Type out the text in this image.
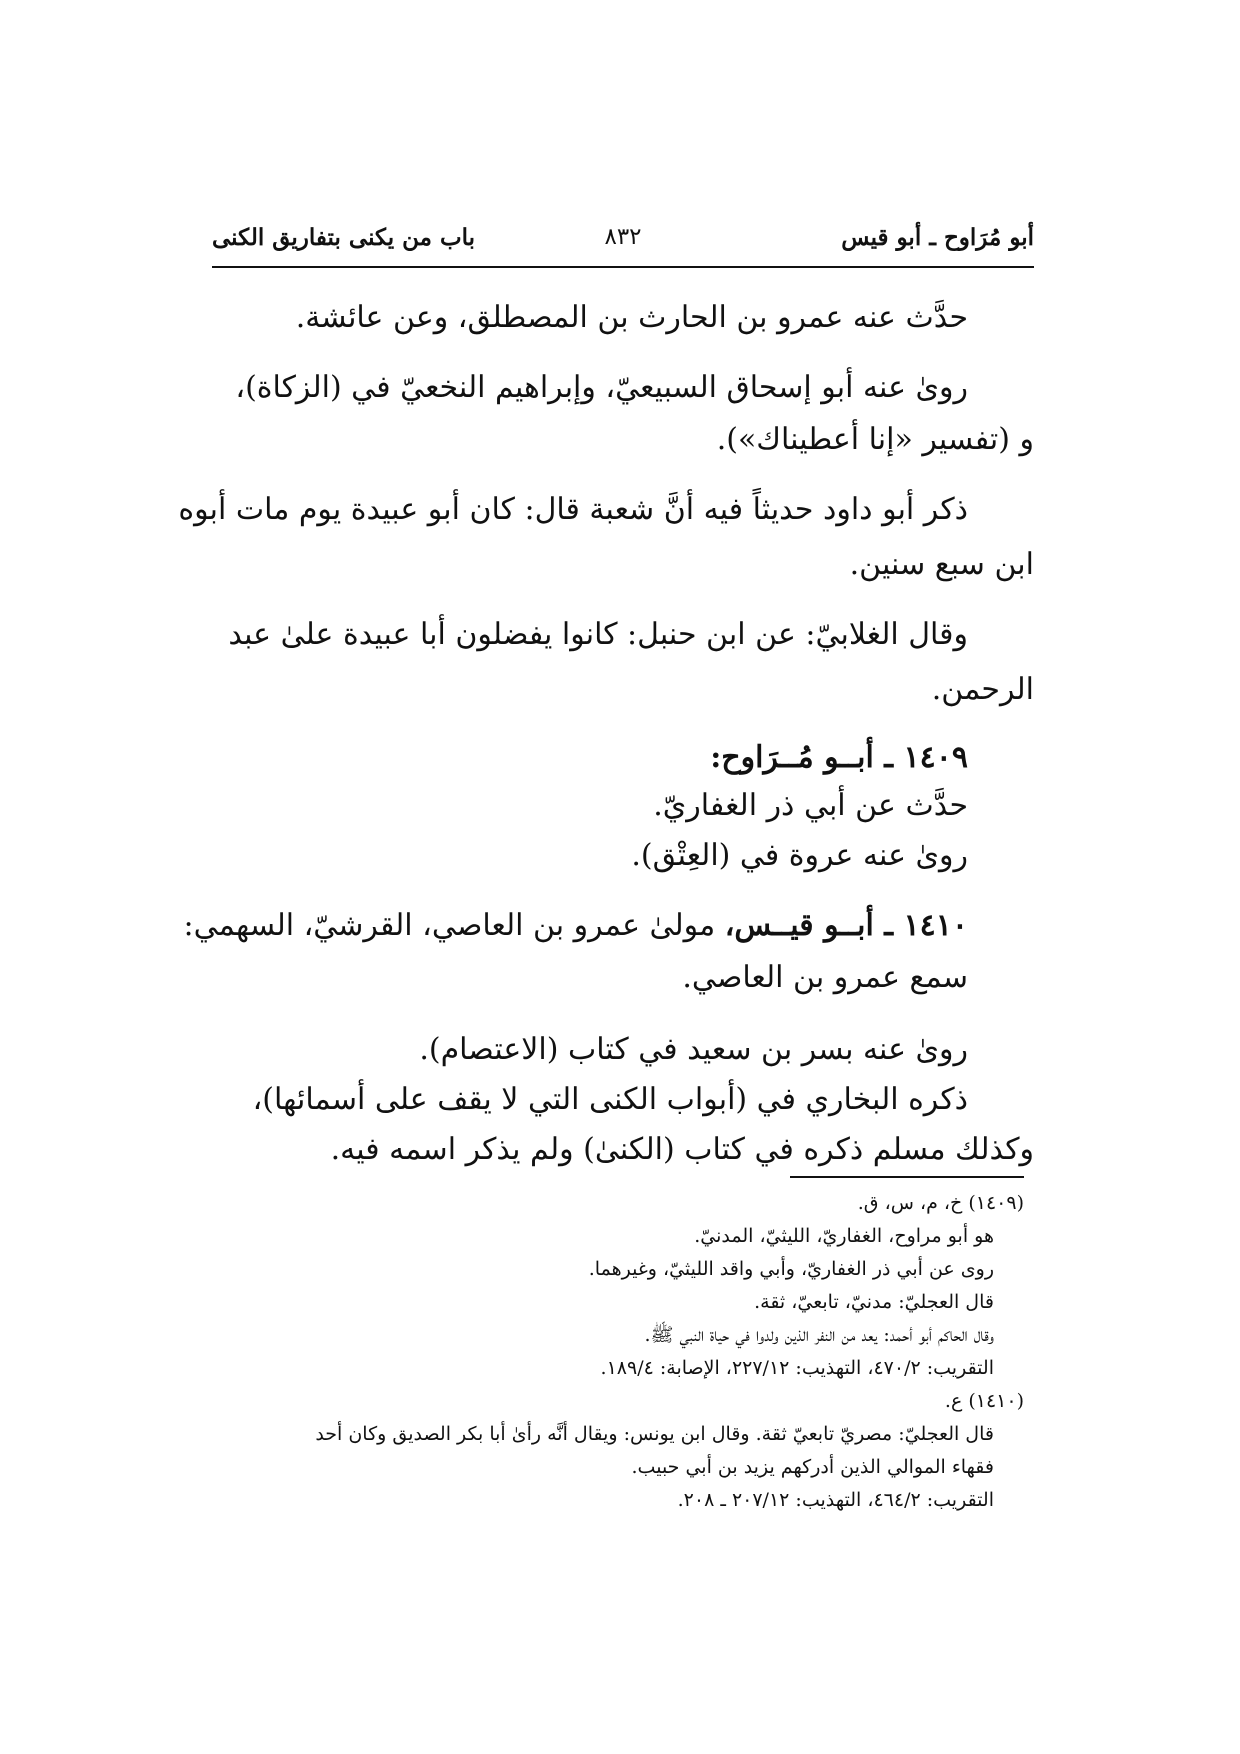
أبو مُرَاوح ـ أبو قيس
٨٣٢
باب من يكنى بتفاريق الكنى
حدَّث عنه عمرو بن الحارث بن المصطلق، وعن عائشة.
روىٰ عنه أبو إسحاق السبيعيّ، وإبراهيم النخعيّ في (الزكاة)،
و (تفسير «إنا أعطيناك»).
ذكر أبو داود حديثاً فيه أنَّ شعبة قال: كان أبو عبيدة يوم مات أبوه
ابن سبع سنين.
وقال الغلابيّ: عن ابن حنبل: كانوا يفضلون أبا عبيدة علىٰ عبد
الرحمن.
١٤٠٩ ـ أبــو مُــرَاوح:
حدَّث عن أبي ذر الغفاريّ.
روىٰ عنه عروة في (العِتْق).
١٤١٠ ـ أبــو قيــس، مولىٰ عمرو بن العاصي، القرشيّ، السهمي:
سمع عمرو بن العاصي.
روىٰ عنه بسر بن سعيد في كتاب (الاعتصام).
ذكره البخاري في (أبواب الكنى التي لا يقف على أسمائها)،
وكذلك مسلم ذكره في كتاب (الكنىٰ) ولم يذكر اسمه فيه.
(١٤٠٩) خ، م، س، ق.
هو أبو مراوح، الغفاريّ، الليثيّ، المدنيّ.
روى عن أبي ذر الغفاريّ، وأبي واقد الليثيّ، وغيرهما.
قال العجليّ: مدنيّ، تابعيّ، ثقة.
وقال الحاكم أبو أحمد: يعد من النفر الذين ولدوا في حياة النبي ﷺ.
التقريب: ٤٧٠/٢، التهذيب: ٢٢٧/١٢، الإصابة: ١٨٩/٤.
(١٤١٠) ع.
قال العجليّ: مصريّ تابعيّ ثقة. وقال ابن يونس: ويقال أنَّه رأىٰ أبا بكر الصديق وكان أحد
فقهاء الموالي الذين أدركهم يزيد بن أبي حبيب.
التقريب: ٤٦٤/٢، التهذيب: ٢٠٧/١٢ ـ ٢٠٨.
